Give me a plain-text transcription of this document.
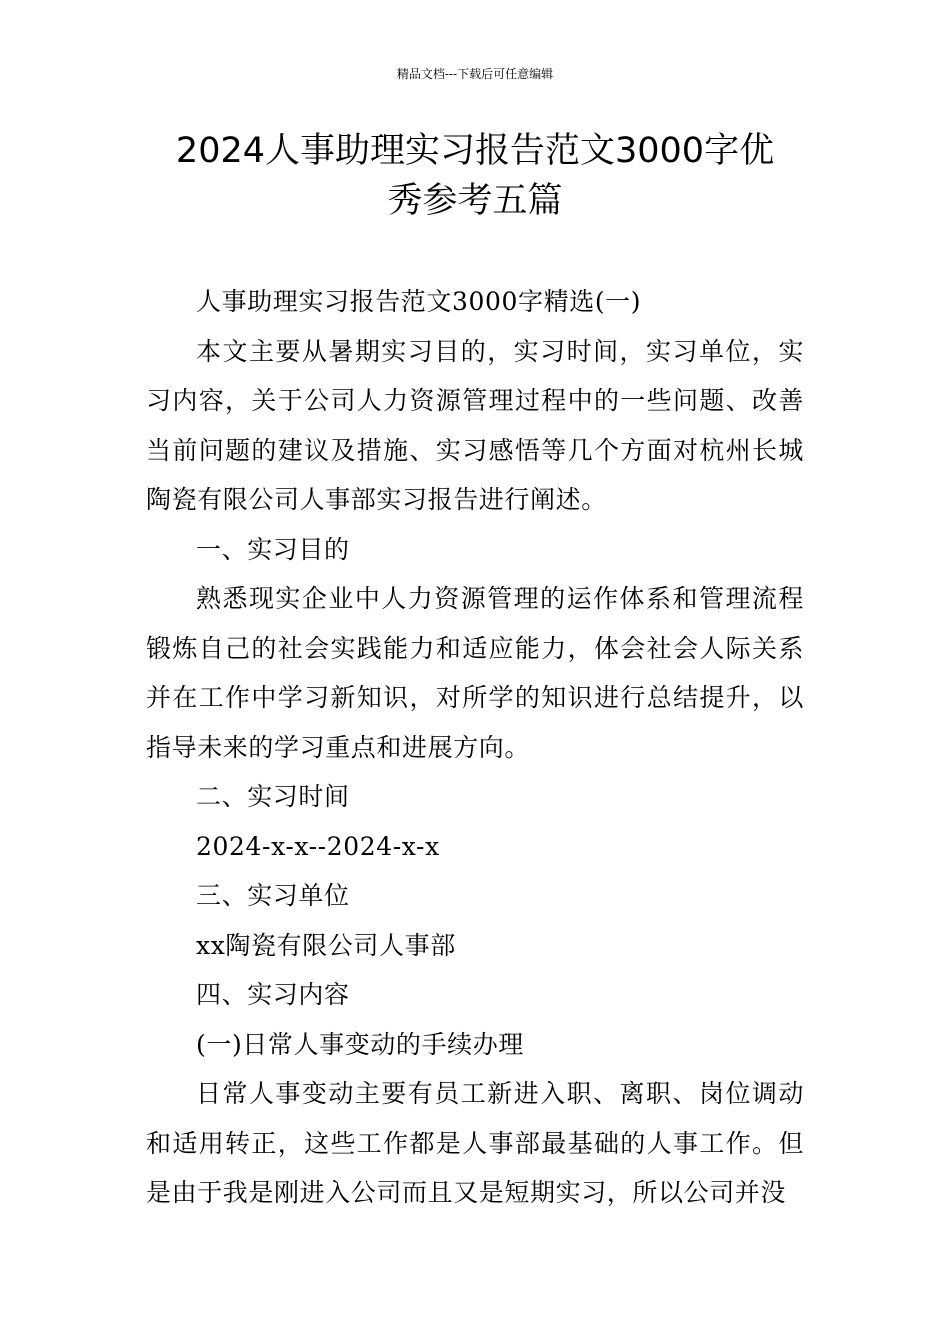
精品文档---下载后可任意编辑
2024人事助理实习报告范文3000字优
秀参考五篇

人事助理实习报告范文3000字精选(一)

本文主要从暑期实习目的，实习时间，实习单位，实习内容，关于公司人力资源管理过程中的一些问题、改善当前问题的建议及措施、实习感悟等几个方面对杭州长城陶瓷有限公司人事部实习报告进行阐述。

一、实习目的

熟悉现实企业中人力资源管理的运作体系和管理流程锻炼自己的社会实践能力和适应能力，体会社会人际关系并在工作中学习新知识，对所学的知识进行总结提升，以指导未来的学习重点和进展方向。

二、实习时间

2024-x-x--2024-x-x

三、实习单位

xx陶瓷有限公司人事部

四、实习内容

(一)日常人事变动的手续办理

日常人事变动主要有员工新进入职、离职、岗位调动和适用转正，这些工作都是人事部最基础的人事工作。但是由于我是刚进入公司而且又是短期实习，所以公司并没
